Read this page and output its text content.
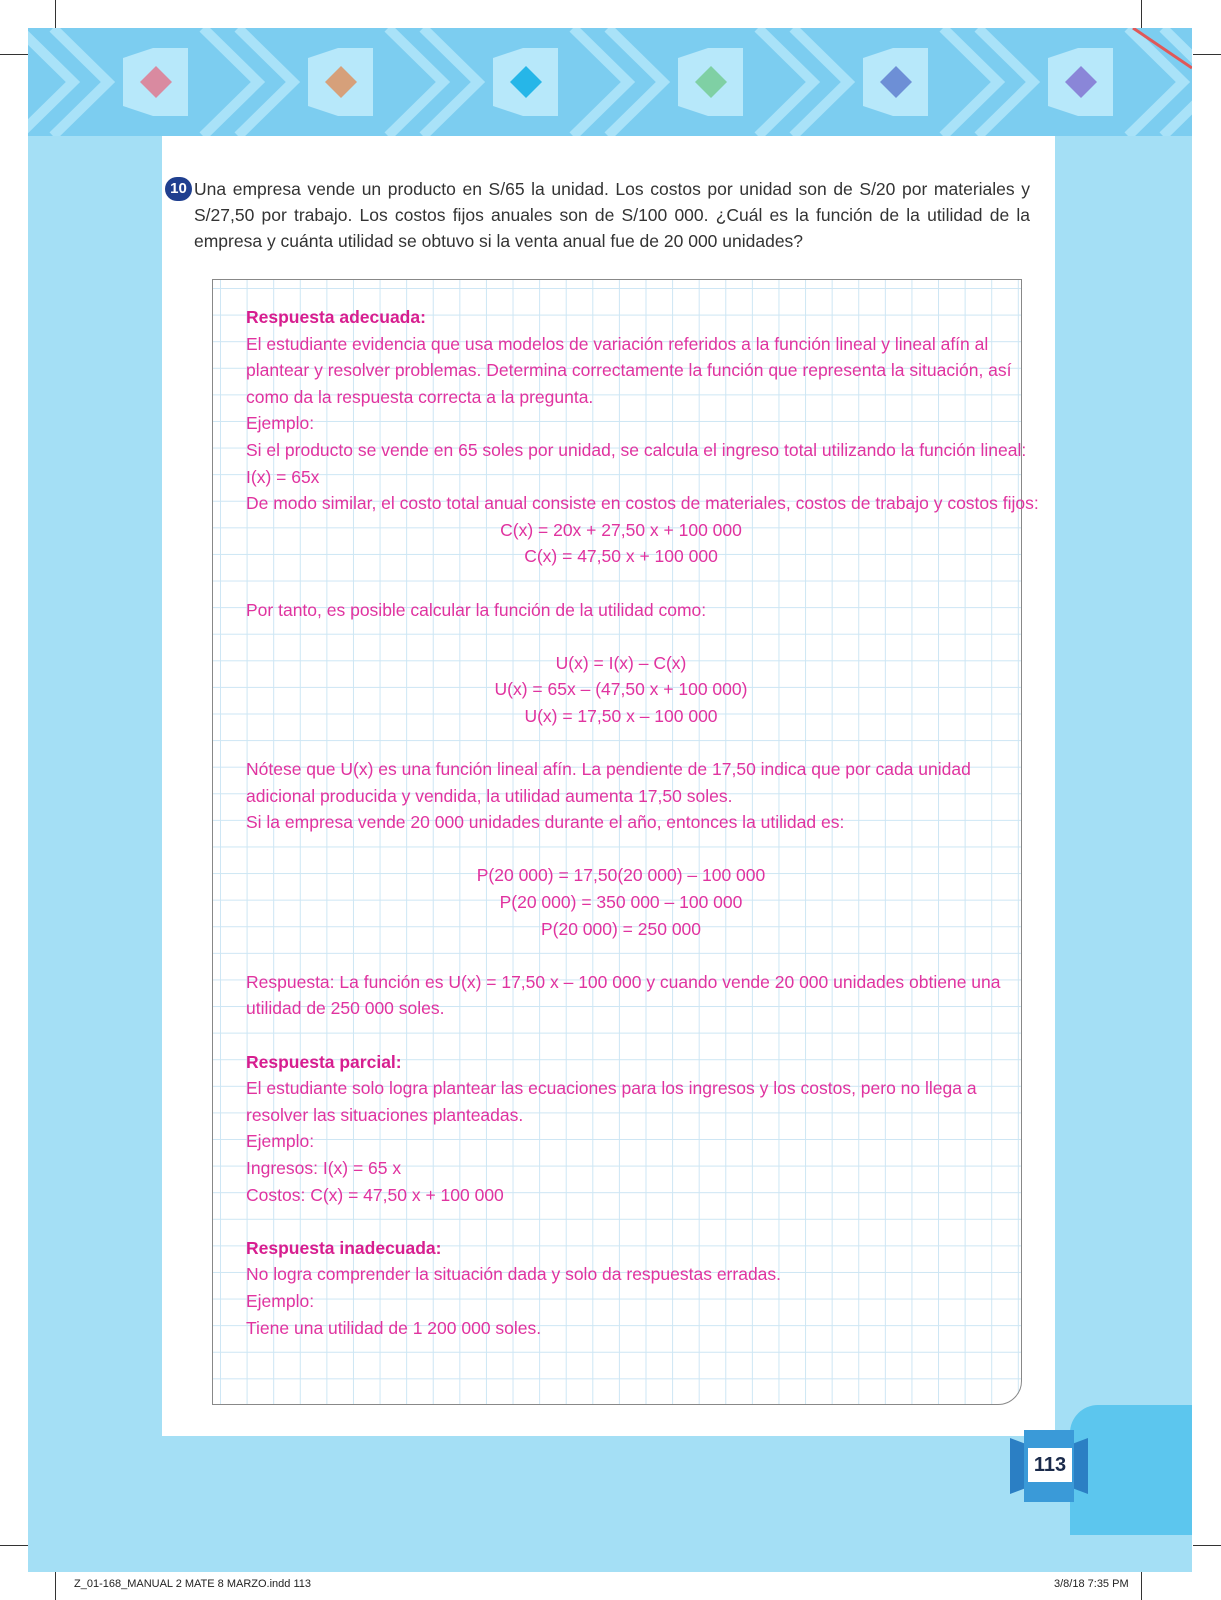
10 Una empresa vende un producto en S/65 la unidad. Los costos por unidad son de S/20 por materiales y S/27,50 por trabajo. Los costos fijos anuales son de S/100 000. ¿Cuál es la función de la utilidad de la empresa y cuánta utilidad se obtuvo si la venta anual fue de 20 000 unidades?
Respuesta adecuada:
El estudiante evidencia que usa modelos de variación referidos a la función lineal y lineal afín al
plantear y resolver problemas. Determina correctamente la función que representa la situación, así
como da la respuesta correcta a la pregunta.
Ejemplo:
Si el producto se vende en 65 soles por unidad, se calcula el ingreso total utilizando la función lineal:
I(x) = 65x
De modo similar, el costo total anual consiste en costos de materiales, costos de trabajo y costos fijos:
C(x) = 20x + 27,50 x + 100 000
C(x) = 47,50 x + 100 000
Por tanto, es posible calcular la función de la utilidad como:
U(x) = I(x) – C(x)
U(x) = 65x – (47,50 x + 100 000)
U(x) = 17,50 x – 100 000
Nótese que U(x) es una función lineal afín. La pendiente de 17,50 indica que por cada unidad
adicional producida y vendida, la utilidad aumenta 17,50 soles.
Si la empresa vende 20 000 unidades durante el año, entonces la utilidad es:
P(20 000) = 17,50(20 000) – 100 000
P(20 000) = 350 000 – 100 000
P(20 000) = 250 000
Respuesta: La función es U(x) = 17,50 x – 100 000 y cuando vende 20 000 unidades obtiene una
utilidad de 250 000 soles.
Respuesta parcial:
El estudiante solo logra plantear las ecuaciones para los ingresos y los costos, pero no llega a
resolver las situaciones planteadas.
Ejemplo:
Ingresos: I(x) = 65 x
Costos: C(x) = 47,50 x + 100 000
Respuesta inadecuada:
No logra comprender la situación dada y solo da respuestas erradas.
Ejemplo:
Tiene una utilidad de 1 200 000 soles.
113
Z_01-168_MANUAL 2 MATE 8 MARZO.indd 113	3/8/18 7:35 PM
